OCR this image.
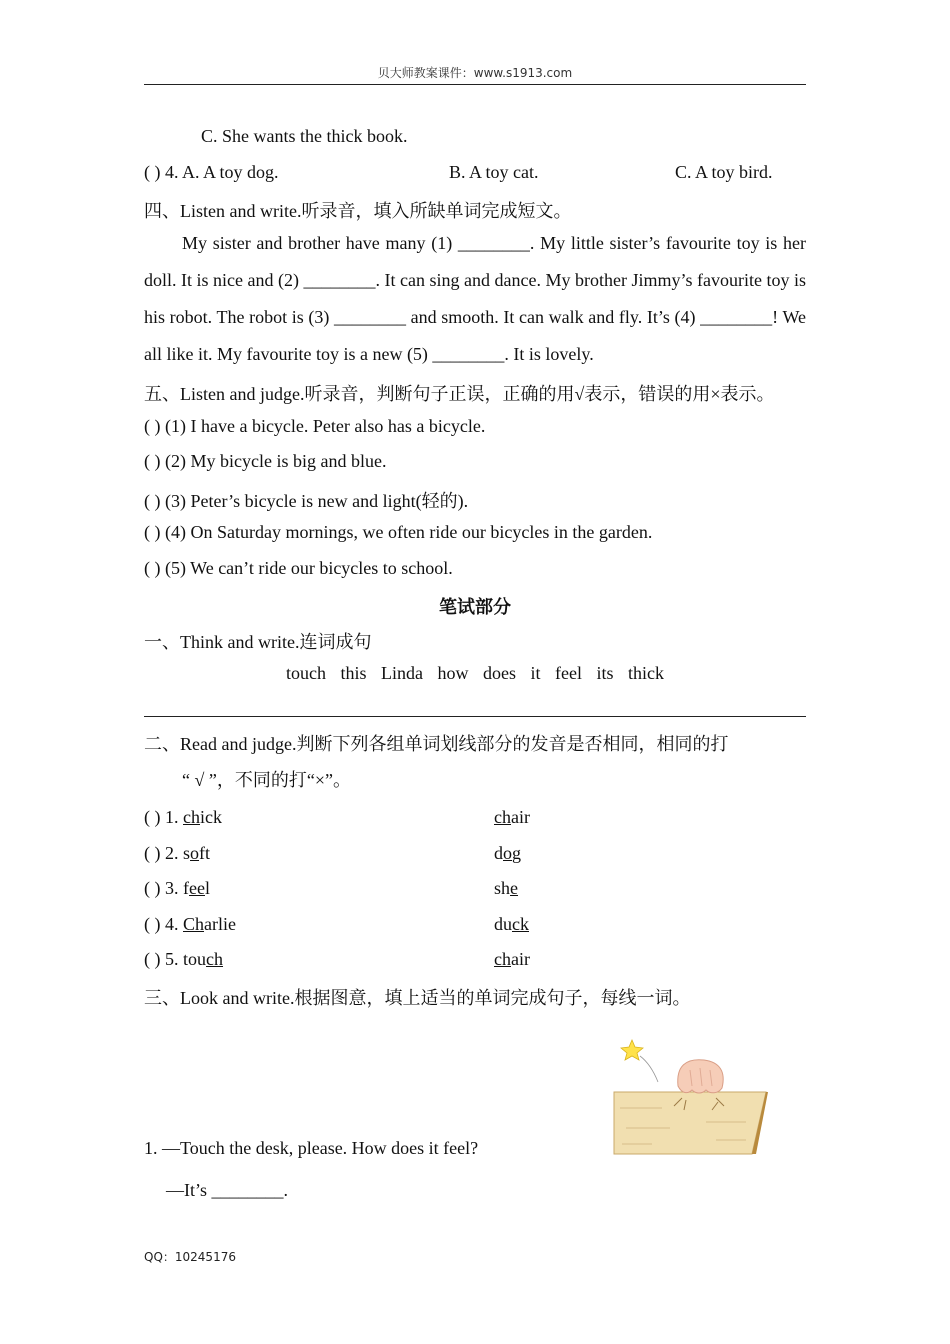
贝大师教案课件：www.s1913.com
C. She wants the thick book.
( ) 4. A. A toy dog.	B. A toy cat.	C. A toy bird.
四、Listen and write.听录音，填入所缺单词完成短文。
My sister and brother have many (1) ________. My little sister’s favourite toy is her doll. It is nice and (2) ________. It can sing and dance. My brother Jimmy’s favourite toy is his robot. The robot is (3) ________ and smooth. It can walk and fly. It’s (4) ________! We all like it. My favourite toy is a new (5) ________. It is lovely.
五、Listen and judge.听录音，判断句子正误，正确的用√表示，错误的用×表示。
( ) (1) I have a bicycle. Peter also has a bicycle.
( ) (2) My bicycle is big and blue.
( ) (3) Peter’s bicycle is new and light(轻的).
( ) (4) On Saturday mornings, we often ride our bicycles in the garden.
( ) (5) We can’t ride our bicycles to school.
笔试部分
一、Think and write.连词成句
touch this Linda how does it feel its thick
二、Read and judge.判断下列各组单词划线部分的发音是否相同，相同的打
“ √ ”，不同的打“×”。
( ) 1. chick	chair
( ) 2. soft	dog
( ) 3. feel	she
( ) 4. Charlie	duck
( ) 5. touch	chair
三、Look and write.根据图意，填上适当的单词完成句子，每线一词。
1. —Touch the desk, please. How does it feel?
—It’s ________.
QQ：10245176
